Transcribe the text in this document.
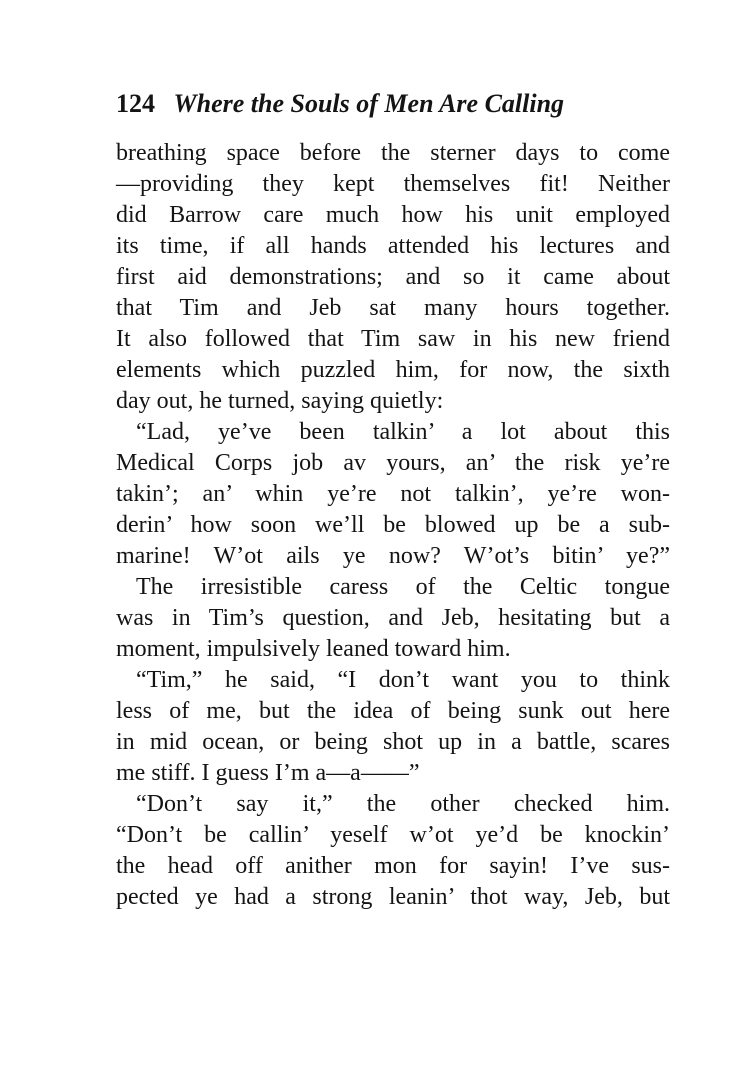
124 Where the Souls of Men Are Calling
breathing space before the sterner days to come
—providing they kept themselves fit! Neither
did Barrow care much how his unit employed
its time, if all hands attended his lectures and
first aid demonstrations; and so it came about
that Tim and Jeb sat many hours together.
It also followed that Tim saw in his new friend
elements which puzzled him, for now, the sixth
day out, he turned, saying quietly:
“Lad, ye’ve been talkin’ a lot about this
Medical Corps job av yours, an’ the risk ye’re
takin’; an’ whin ye’re not talkin’, ye’re won-
derin’ how soon we’ll be blowed up be a sub-
marine! W’ot ails ye now? W’ot’s bitin’ ye?”
The irresistible caress of the Celtic tongue
was in Tim’s question, and Jeb, hesitating but a
moment, impulsively leaned toward him.
“Tim,” he said, “I don’t want you to think
less of me, but the idea of being sunk out here
in mid ocean, or being shot up in a battle, scares
me stiff. I guess I’m a—a——”
“Don’t say it,” the other checked him.
“Don’t be callin’ yeself w’ot ye’d be knockin’
the head off anither mon for sayin! I’ve sus-
pected ye had a strong leanin’ thot way, Jeb, but
